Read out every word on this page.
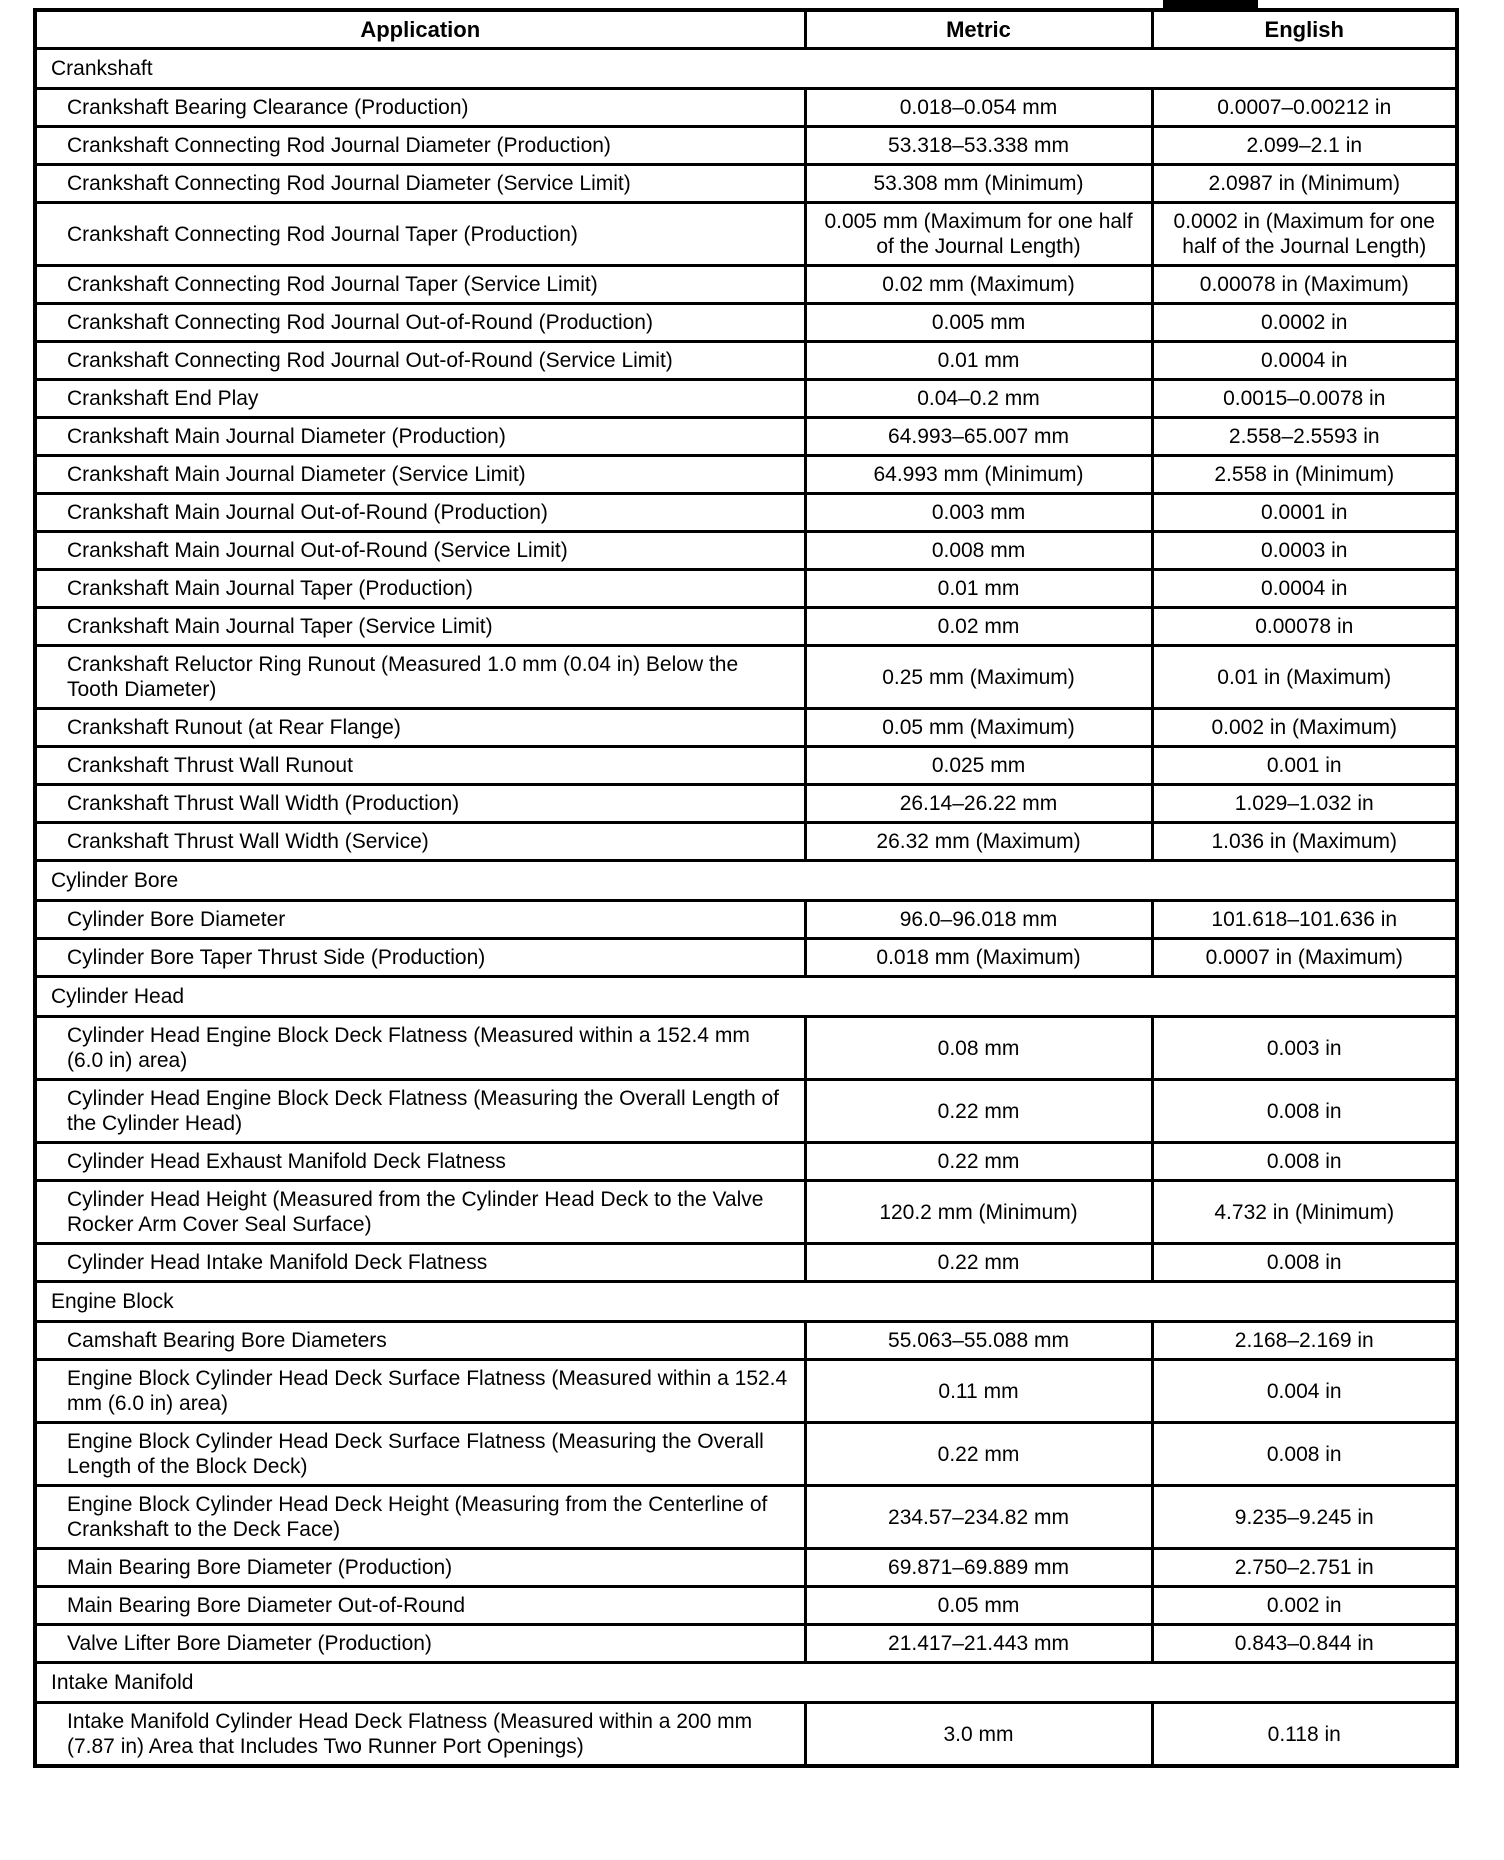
Application	Metric	English
Crankshaft		
Crankshaft Bearing Clearance (Production)	0.018–0.054 mm	0.0007–0.00212 in
Crankshaft Connecting Rod Journal Diameter (Production)	53.318–53.338 mm	2.099–2.1 in
Crankshaft Connecting Rod Journal Diameter (Service Limit)	53.308 mm (Minimum)	2.0987 in (Minimum)
Crankshaft Connecting Rod Journal Taper (Production)	0.005 mm (Maximum for one half of the Journal Length)	0.0002 in (Maximum for one half of the Journal Length)
Crankshaft Connecting Rod Journal Taper (Service Limit)	0.02 mm (Maximum)	0.00078 in (Maximum)
Crankshaft Connecting Rod Journal Out-of-Round (Production)	0.005 mm	0.0002 in
Crankshaft Connecting Rod Journal Out-of-Round (Service Limit)	0.01 mm	0.0004 in
Crankshaft End Play	0.04–0.2 mm	0.0015–0.0078 in
Crankshaft Main Journal Diameter (Production)	64.993–65.007 mm	2.558–2.5593 in
Crankshaft Main Journal Diameter (Service Limit)	64.993 mm (Minimum)	2.558 in (Minimum)
Crankshaft Main Journal Out-of-Round (Production)	0.003 mm	0.0001 in
Crankshaft Main Journal Out-of-Round (Service Limit)	0.008 mm	0.0003 in
Crankshaft Main Journal Taper (Production)	0.01 mm	0.0004 in
Crankshaft Main Journal Taper (Service Limit)	0.02 mm	0.00078 in
Crankshaft Reluctor Ring Runout (Measured 1.0 mm (0.04 in) Below the Tooth Diameter)	0.25 mm (Maximum)	0.01 in (Maximum)
Crankshaft Runout (at Rear Flange)	0.05 mm (Maximum)	0.002 in (Maximum)
Crankshaft Thrust Wall Runout	0.025 mm	0.001 in
Crankshaft Thrust Wall Width (Production)	26.14–26.22 mm	1.029–1.032 in
Crankshaft Thrust Wall Width (Service)	26.32 mm (Maximum)	1.036 in (Maximum)
Cylinder Bore		
Cylinder Bore Diameter	96.0–96.018 mm	101.618–101.636 in
Cylinder Bore Taper Thrust Side (Production)	0.018 mm (Maximum)	0.0007 in (Maximum)
Cylinder Head		
Cylinder Head Engine Block Deck Flatness (Measured within a 152.4 mm (6.0 in) area)	0.08 mm	0.003 in
Cylinder Head Engine Block Deck Flatness (Measuring the Overall Length of the Cylinder Head)	0.22 mm	0.008 in
Cylinder Head Exhaust Manifold Deck Flatness	0.22 mm	0.008 in
Cylinder Head Height (Measured from the Cylinder Head Deck to the Valve Rocker Arm Cover Seal Surface)	120.2 mm (Minimum)	4.732 in (Minimum)
Cylinder Head Intake Manifold Deck Flatness	0.22 mm	0.008 in
Engine Block		
Camshaft Bearing Bore Diameters	55.063–55.088 mm	2.168–2.169 in
Engine Block Cylinder Head Deck Surface Flatness (Measured within a 152.4 mm (6.0 in) area)	0.11 mm	0.004 in
Engine Block Cylinder Head Deck Surface Flatness (Measuring the Overall Length of the Block Deck)	0.22 mm	0.008 in
Engine Block Cylinder Head Deck Height (Measuring from the Centerline of Crankshaft to the Deck Face)	234.57–234.82 mm	9.235–9.245 in
Main Bearing Bore Diameter (Production)	69.871–69.889 mm	2.750–2.751 in
Main Bearing Bore Diameter Out-of-Round	0.05 mm	0.002 in
Valve Lifter Bore Diameter (Production)	21.417–21.443 mm	0.843–0.844 in
Intake Manifold		
Intake Manifold Cylinder Head Deck Flatness (Measured within a 200 mm (7.87 in) Area that Includes Two Runner Port Openings)	3.0 mm	0.118 in
